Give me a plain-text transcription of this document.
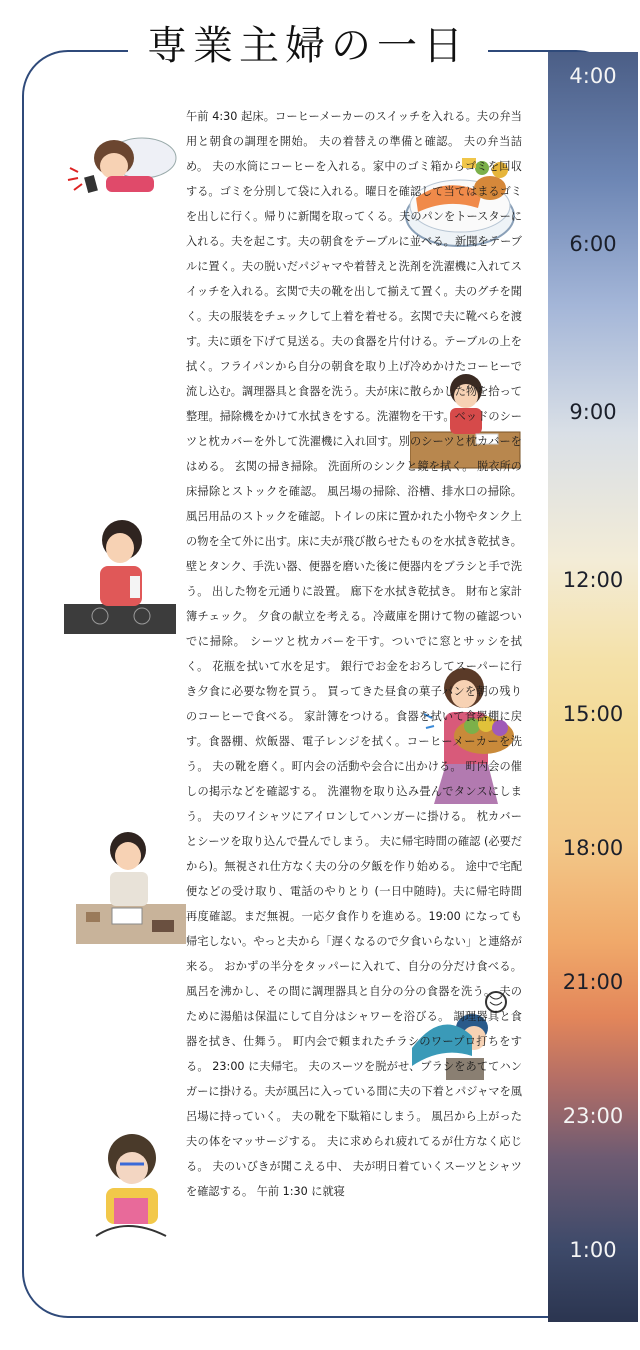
専業主婦の一日
4:00
6:00
9:00
12:00
15:00
18:00
21:00
23:00
1:00
午前 4:30 起床。コーヒーメーカーのスイッチを入れる。夫の弁当用と朝食の調理を開始。 夫の着替えの準備と確認。 夫の弁当詰め。 夫の水筒にコーヒーを入れる。家中のゴミ箱からゴミを回収する。ゴミを分別して袋に入れる。曜日を確認して当てはまるゴミを出しに行く。帰りに新聞を取ってくる。夫のパンをトースターに入れる。夫を起こす。夫の朝食をテーブルに並べる。新聞をテーブルに置く。夫の脱いだパジャマや着替えと洗剤を洗濯機に入れてスイッチを入れる。玄関で夫の靴を出して揃えて置く。夫のグチを聞く。夫の服装をチェックして上着を着せる。玄関で夫に靴べらを渡す。夫に頭を下げて見送る。夫の食器を片付ける。テーブルの上を拭く。フライパンから自分の朝食を取り上げ冷めかけたコーヒーで流し込む。調理器具と食器を洗う。夫が床に散らかした物を拾って整理。掃除機をかけて水拭きをする。洗濯物を干す。ベッドのシーツと枕カバーを外して洗濯機に入れ回す。別のシーツと枕カバーをはめる。 玄関の掃き掃除。 洗面所のシンクと鏡を拭く。 脱衣所の床掃除とストックを確認。 風呂場の掃除、浴槽、排水口の掃除。風呂用品のストックを確認。トイレの床に置かれた小物やタンク上の物を全て外に出す。床に夫が飛び散らせたものを水拭き乾拭き。壁とタンク、手洗い器、便器を磨いた後に便器内をブラシと手で洗う。 出した物を元通りに設置。 廊下を水拭き乾拭き。 財布と家計簿チェック。 夕食の献立を考える。冷蔵庫を開けて物の確認ついでに掃除。 シーツと枕カバーを干す。ついでに窓とサッシを拭く。 花瓶を拭いて水を足す。 銀行でお金をおろしてスーパーに行き夕食に必要な物を買う。 買ってきた昼食の菓子パンを朝の残りのコーヒーで食べる。 家計簿をつける。食器を拭いて食器棚に戻す。食器棚、炊飯器、電子レンジを拭く。コーヒーメーカーを洗う。 夫の靴を磨く。町内会の活動や会合に出かける。 町内会の催しの掲示などを確認する。 洗濯物を取り込み畳んでタンスにしまう。 夫のワイシャツにアイロンしてハンガーに掛ける。 枕カバーとシーツを取り込んで畳んでしまう。 夫に帰宅時間の確認 (必要だから)。無視され仕方なく夫の分の夕飯を作り始める。 途中で宅配便などの受け取り、電話のやりとり (一日中随時)。夫に帰宅時間再度確認。まだ無視。一応夕食作りを進める。19:00 になっても帰宅しない。やっと夫から「遅くなるので夕食いらない」と連絡が来る。 おかずの半分をタッパーに入れて、自分の分だけ食べる。 風呂を沸かし、その間に調理器具と自分の分の食器を洗う。 夫のために湯船は保温にして自分はシャワーを浴びる。 調理器具と食器を拭き、仕舞う。 町内会で頼まれたチラシのワープロ打ちをする。 23:00 に夫帰宅。 夫のスーツを脱がせ、ブラシをあててハンガーに掛ける。夫が風呂に入っている間に夫の下着とパジャマを風呂場に持っていく。 夫の靴を下駄箱にしまう。 風呂から上がった夫の体をマッサージする。 夫に求められ疲れてるが仕方なく応じる。 夫のいびきが聞こえる中、 夫が明日着ていくスーツとシャツを確認する。 午前 1:30 に就寝
